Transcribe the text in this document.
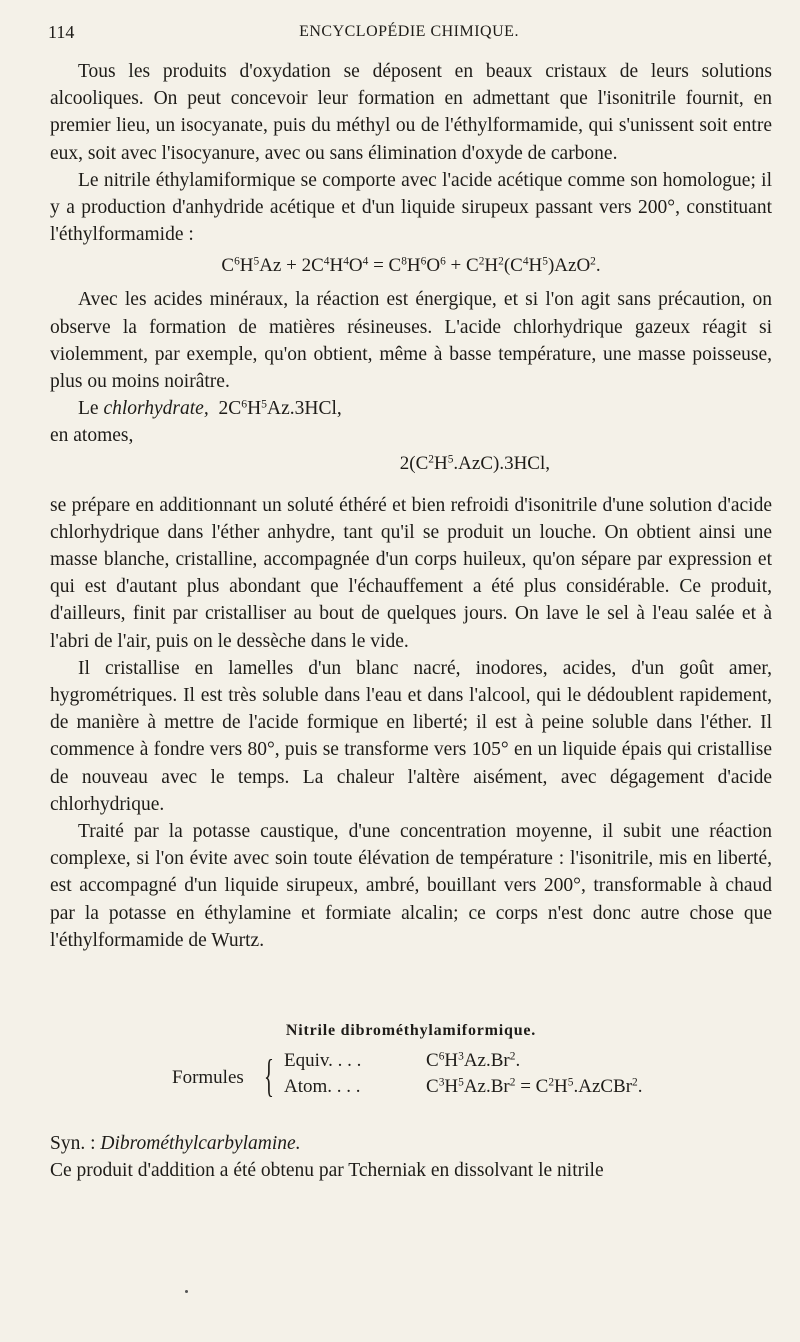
114	ENCYCLOPÉDIE CHIMIQUE.

Tous les produits d'oxydation se déposent en beaux cristaux de leurs solutions alcooliques. On peut concevoir leur formation en admettant que l'isonitrile fournit, en premier lieu, un isocyanate, puis du méthyl ou de l'éthylformamide, qui s'unissent soit entre eux, soit avec l'isocyanure, avec ou sans élimination d'oxyde de carbone.

Le nitrile éthylamiformique se comporte avec l'acide acétique comme son homologue; il y a production d'anhydride acétique et d'un liquide sirupeux passant vers 200°, constituant l'éthylformamide :

$C^6H^5Az + 2C^4H^4O^4 = C^8H^6O^6 + C^2H^2(C^4H^5)AzO^2$.

Avec les acides minéraux, la réaction est énergique, et si l'on agit sans précaution, on observe la formation de matières résineuses. L'acide chlorhydrique gazeux réagit si violemment, par exemple, qu'on obtient, même à basse température, une masse poisseuse, plus ou moins noirâtre.

Le chlorhydrate, $2C^6H^5Az.3HCl$,

en atomes,

$2(C^2H^5.AzC).3HCl$,

se prépare en additionnant un soluté éthéré et bien refroidi d'isonitrile d'une solution d'acide chlorhydrique dans l'éther anhydre, tant qu'il se produit un louche. On obtient ainsi une masse blanche, cristalline, accompagnée d'un corps huileux, qu'on sépare par expression et qui est d'autant plus abondant que l'échauffement a été plus considérable. Ce produit, d'ailleurs, finit par cristalliser au bout de quelques jours. On lave le sel à l'eau salée et à l'abri de l'air, puis on le dessèche dans le vide.

Il cristallise en lamelles d'un blanc nacré, inodores, acides, d'un goût amer, hygrométriques. Il est très soluble dans l'eau et dans l'alcool, qui le dédoublent rapidement, de manière à mettre de l'acide formique en liberté; il est à peine soluble dans l'éther. Il commence à fondre vers 80°, puis se transforme vers 105° en un liquide épais qui cristallise de nouveau avec le temps. La chaleur l'altère aisément, avec dégagement d'acide chlorhydrique.

Traité par la potasse caustique, d'une concentration moyenne, il subit une réaction complexe, si l'on évite avec soin toute élévation de température : l'isonitrile, mis en liberté, est accompagné d'un liquide sirupeux, ambré, bouillant vers 200°, transformable à chaud par la potasse en éthylamine et formiate alcalin; ce corps n'est donc autre chose que l'éthylformamide de Wurtz.

Nitrile dibrométhylamiformique.
Formules { Equiv. . . .	$C^6H^3Az.Br^2$.
Atom. . . .	$C^3H^5Az.Br^2$ = $C^2H^5.AzCBr^2$.

Syn. : Dibrométhylcarbylamine.

Ce produit d'addition a été obtenu par Tcherniak en dissolvant le nitrile
